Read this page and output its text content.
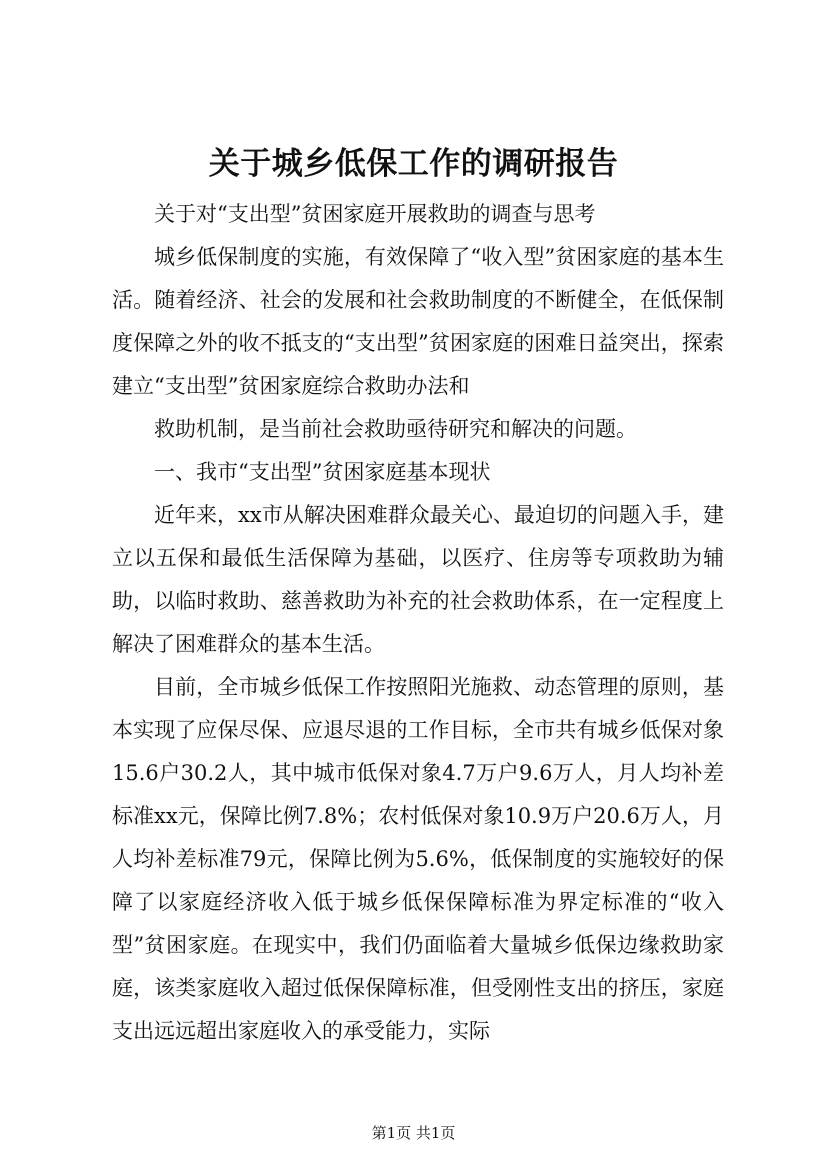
关于城乡低保工作的调研报告

关于对“支出型”贫困家庭开展救助的调查与思考

城乡低保制度的实施，有效保障了“收入型”贫困家庭的基本生活。随着经济、社会的发展和社会救助制度的不断健全，在低保制度保障之外的收不抵支的“支出型”贫困家庭的困难日益突出，探索建立“支出型”贫困家庭综合救助办法和

救助机制，是当前社会救助亟待研究和解决的问题。

一、我市“支出型”贫困家庭基本现状

近年来，xx市从解决困难群众最关心、最迫切的问题入手，建立以五保和最低生活保障为基础，以医疗、住房等专项救助为辅助，以临时救助、慈善救助为补充的社会救助体系，在一定程度上解决了困难群众的基本生活。

目前，全市城乡低保工作按照阳光施救、动态管理的原则，基本实现了应保尽保、应退尽退的工作目标，全市共有城乡低保对象15.6户30.2人，其中城市低保对象4.7万户9.6万人，月人均补差标准xx元，保障比例7.8%；农村低保对象10.9万户20.6万人，月人均补差标准79元，保障比例为5.6%，低保制度的实施较好的保障了以家庭经济收入低于城乡低保保障标准为界定标准的“收入型”贫困家庭。在现实中，我们仍面临着大量城乡低保边缘救助家庭，该类家庭收入超过低保保障标准，但受刚性支出的挤压，家庭支出远远超出家庭收入的承受能力，实际

第1页 共1页
